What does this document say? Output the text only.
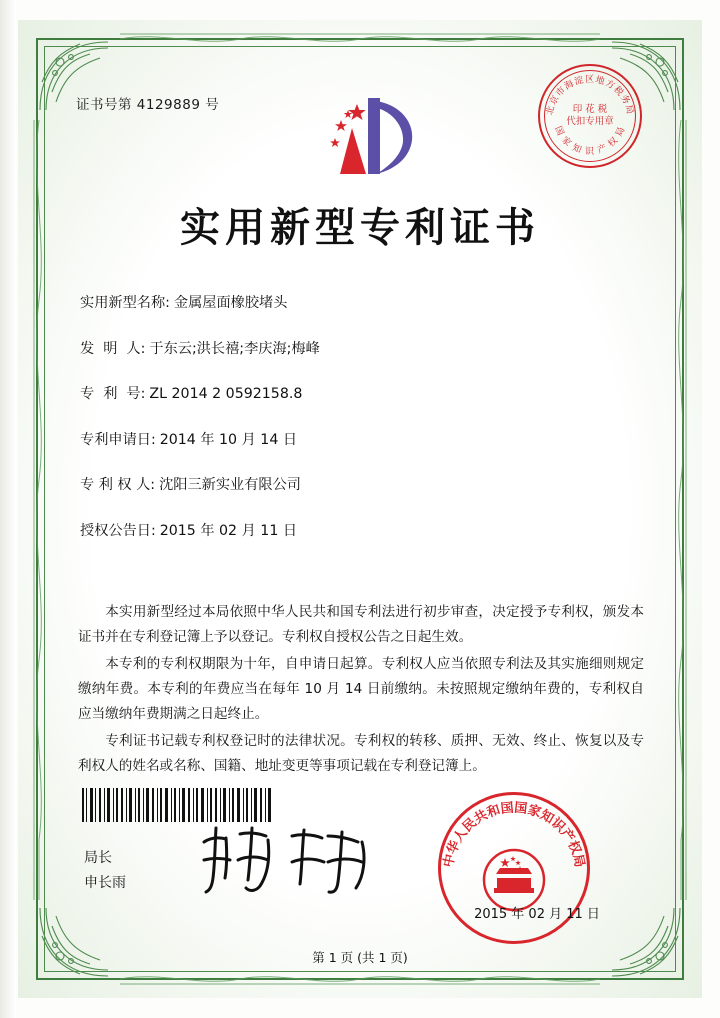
证书号第 4129889 号	北京市海淀区地方税务局
国 家 知 识 产 权 局
印 花 税
代扣专用章
实用新型专利证书
实用新型名称: 金属屋面橡胶堵头
发  明  人: 于东云;洪长禧;李庆海;梅峰
专  利  号: ZL 2014 2 0592158.8
专利申请日: 2014 年 10 月 14 日
专 利 权 人: 沈阳三新实业有限公司
授权公告日: 2015 年 02 月 11 日

本实用新型经过本局依照中华人民共和国专利法进行初步审查，决定授予专利权，颁发本证书并在专利登记簿上予以登记。专利权自授权公告之日起生效。

本专利的专利权期限为十年，自申请日起算。专利权人应当依照专利法及其实施细则规定缴纳年费。本专利的年费应当在每年 10 月 14 日前缴纳。未按照规定缴纳年费的，专利权自应当缴纳年费期满之日起终止。

专利证书记载专利权登记时的法律状况。专利权的转移、质押、无效、终止、恢复以及专利权人的姓名或名称、国籍、地址变更等事项记载在专利登记簿上。

局长
申长雨
中华人民共和国国家知识产权局
2015 年 02 月 11 日
第 1 页 (共 1 页)
